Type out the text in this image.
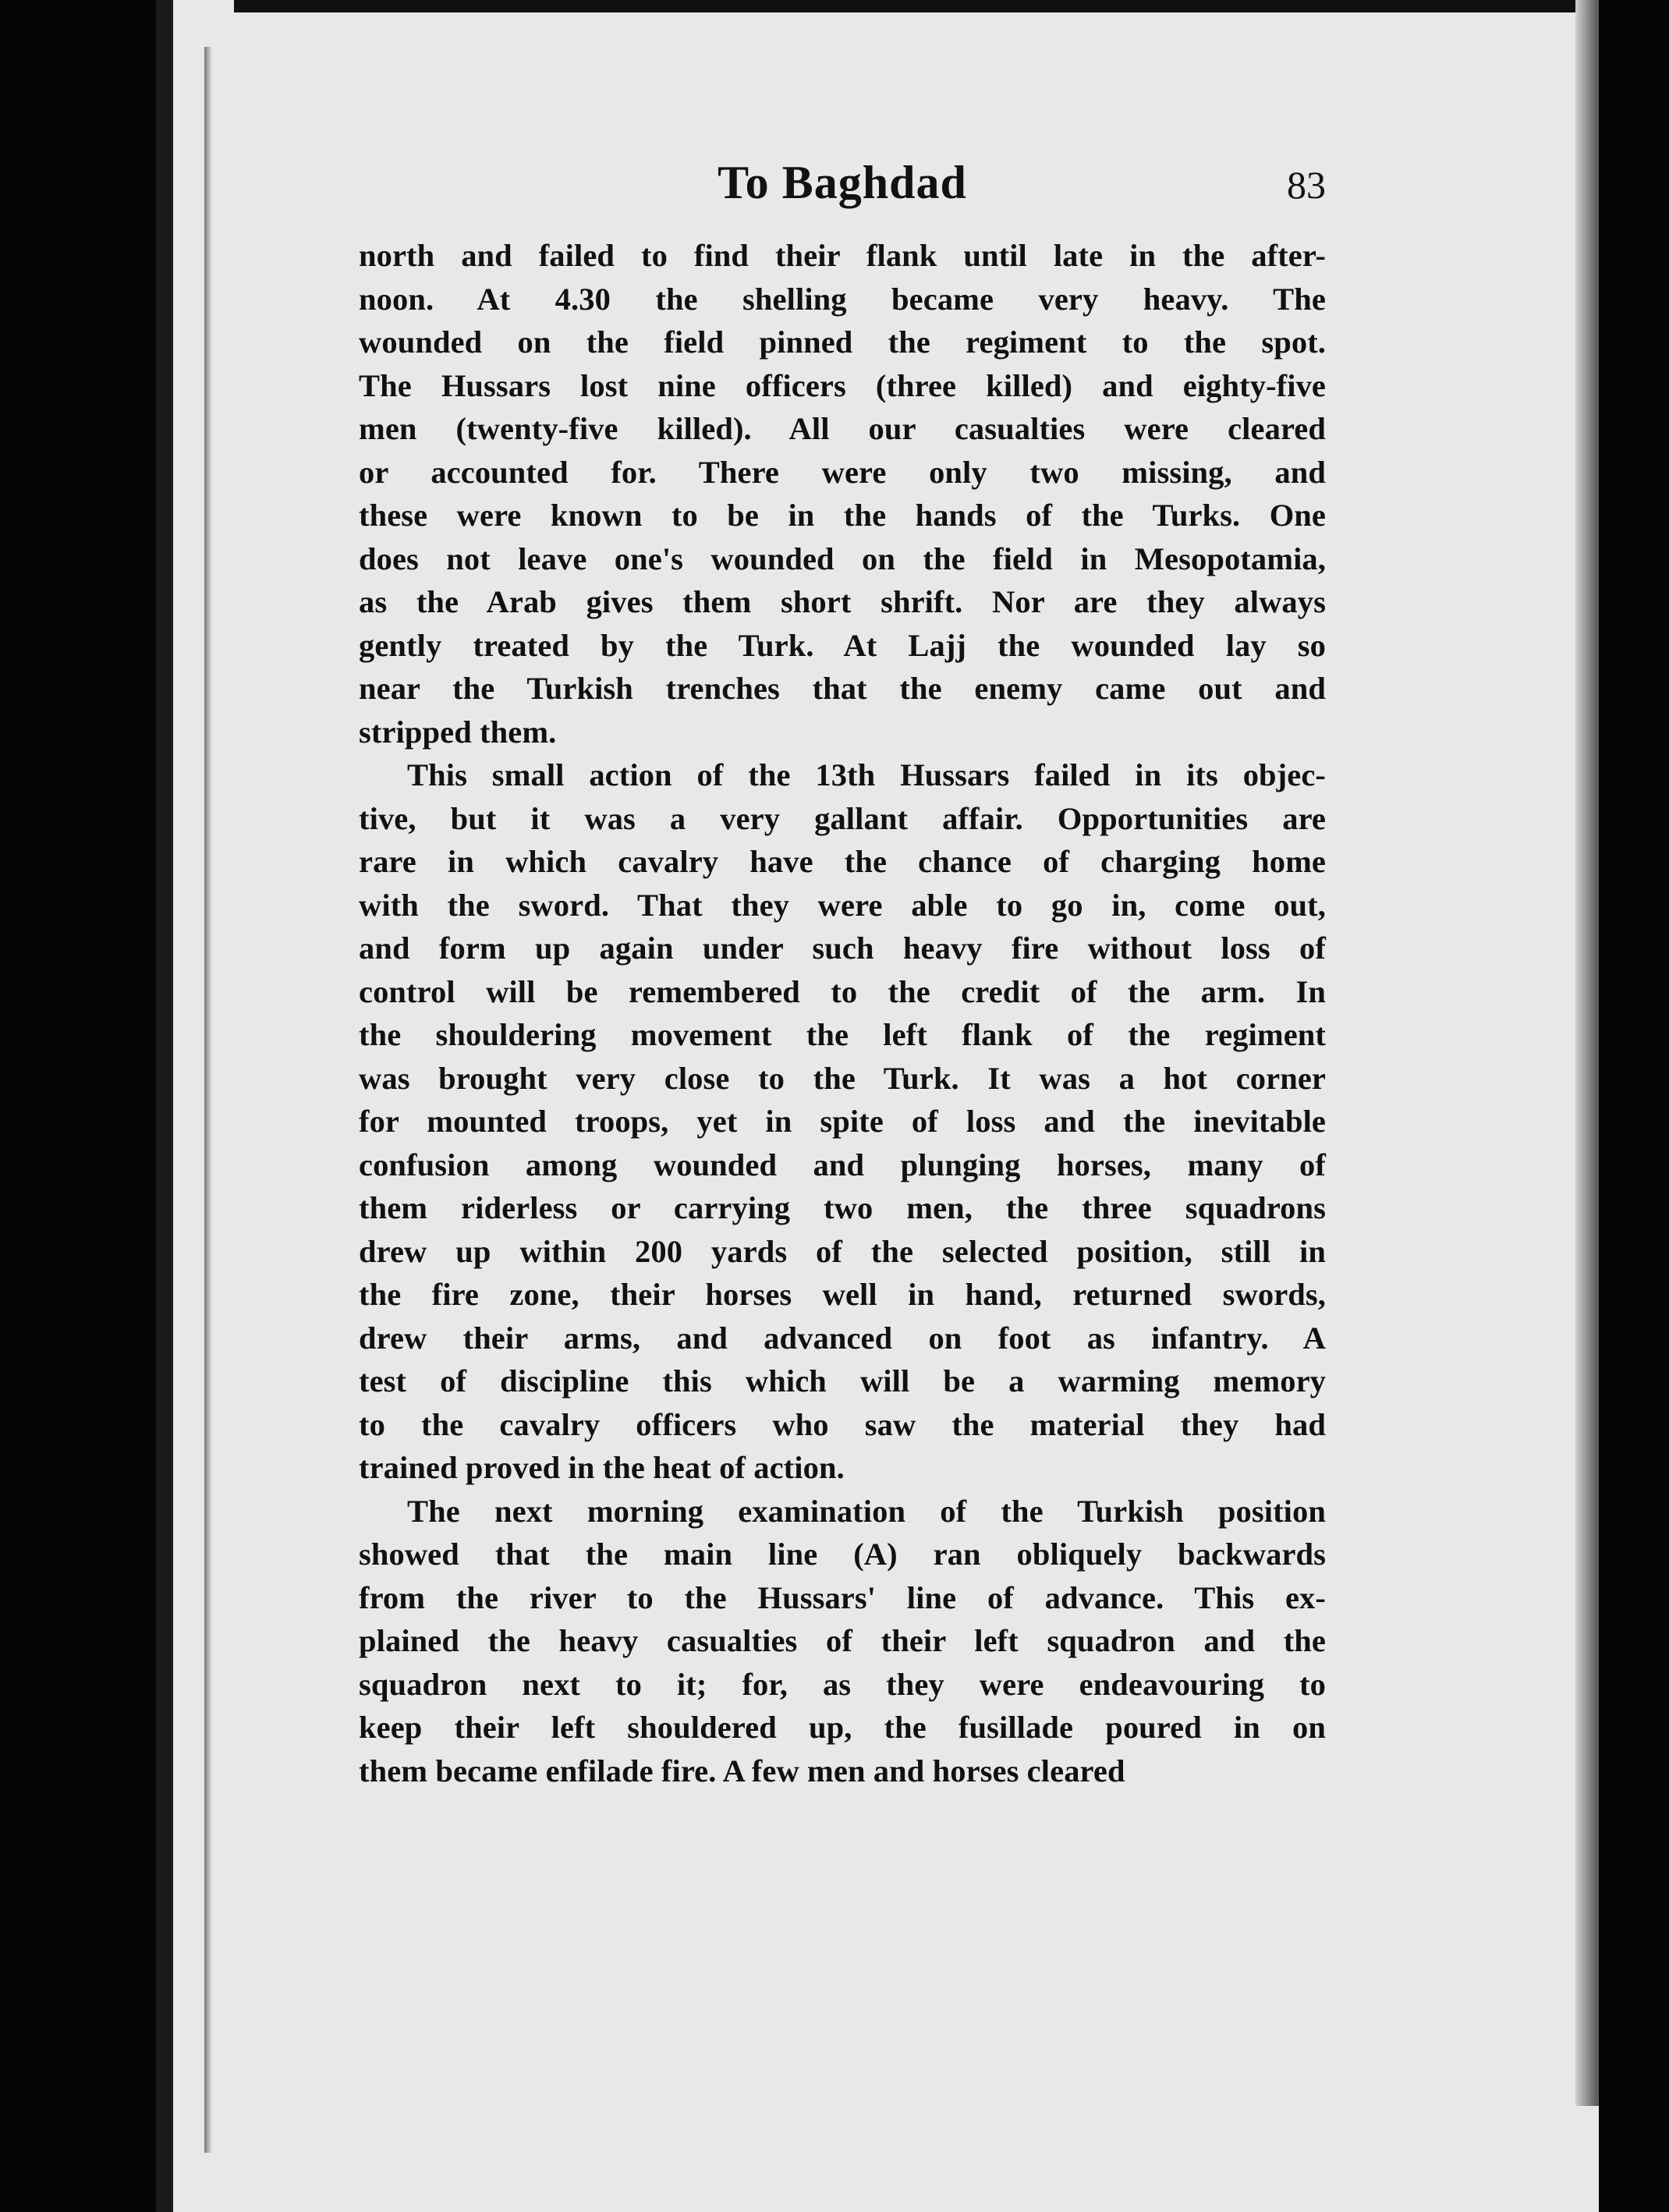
To Baghdad	83
north and failed to find their flank until late in the after-
noon. At 4.30 the shelling became very heavy. The
wounded on the field pinned the regiment to the spot.
The Hussars lost nine officers (three killed) and eighty-five
men (twenty-five killed). All our casualties were cleared
or accounted for. There were only two missing, and
these were known to be in the hands of the Turks. One
does not leave one's wounded on the field in Mesopotamia,
as the Arab gives them short shrift. Nor are they always
gently treated by the Turk. At Lajj the wounded lay so
near the Turkish trenches that the enemy came out and
stripped them.
This small action of the 13th Hussars failed in its objec-
tive, but it was a very gallant affair. Opportunities are
rare in which cavalry have the chance of charging home
with the sword. That they were able to go in, come out,
and form up again under such heavy fire without loss of
control will be remembered to the credit of the arm. In
the shouldering movement the left flank of the regiment
was brought very close to the Turk. It was a hot corner
for mounted troops, yet in spite of loss and the inevitable
confusion among wounded and plunging horses, many of
them riderless or carrying two men, the three squadrons
drew up within 200 yards of the selected position, still in
the fire zone, their horses well in hand, returned swords,
drew their arms, and advanced on foot as infantry. A
test of discipline this which will be a warming memory
to the cavalry officers who saw the material they had
trained proved in the heat of action.
The next morning examination of the Turkish position
showed that the main line (A) ran obliquely backwards
from the river to the Hussars' line of advance. This ex-
plained the heavy casualties of their left squadron and the
squadron next to it; for, as they were endeavouring to
keep their left shouldered up, the fusillade poured in on
them became enfilade fire. A few men and horses cleared
